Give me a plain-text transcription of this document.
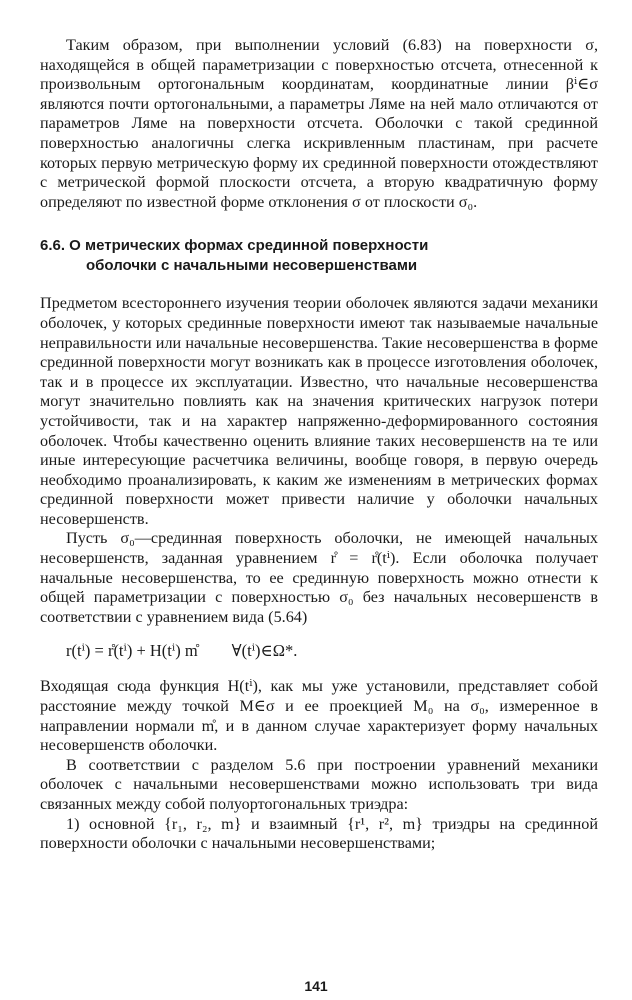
Таким образом, при выполнении условий (6.83) на поверхности σ, находящейся в общей параметризации с поверхностью отсчета, отнесенной к произвольным ортогональным координатам, координатные линии βⁱ∈σ являются почти ортогональными, а параметры Ляме на ней мало отличаются от параметров Ляме на поверхности отсчета. Оболочки с такой срединной поверхностью аналогичны слегка искривленным пластинам, при расчете которых первую метрическую форму их срединной поверхности отождествляют с метрической формой плоскости отсчета, а вторую квадратичную форму определяют по известной форме отклонения σ от плоскости σ₀.

6.6. О метрических формах срединной поверхности
оболочки с начальными несовершенствами

Предметом всестороннего изучения теории оболочек являются задачи механики оболочек, у которых срединные поверхности имеют так называемые начальные неправильности или начальные несовершенства. Такие несовершенства в форме срединной поверхности могут возникать как в процессе изготовления оболочек, так и в процессе их эксплуатации. Известно, что начальные несовершенства могут значительно повлиять как на значения критических нагрузок потери устойчивости, так и на характер напряженно-деформированного состояния оболочек. Чтобы качественно оценить влияние таких несовершенств на те или иные интересующие расчетчика величины, вообще говоря, в первую очередь необходимо проанализировать, к каким же изменениям в метрических формах срединной поверхности может привести наличие у оболочки начальных несовершенств.

Пусть σ₀—срединная поверхность оболочки, не имеющей начальных несовершенств, заданная уравнением r̊ = r̊(tⁱ). Если оболочка получает начальные несовершенства, то ее срединную поверхность можно отнести к общей параметризации с поверхностью σ₀ без начальных несовершенств в соответствии с уравнением вида (5.64)

r(tⁱ) = r̊(tⁱ) + H(tⁱ) m̊ ∀(tⁱ)∈Ω*.

Входящая сюда функция H(tⁱ), как мы уже установили, представляет собой расстояние между точкой M∈σ и ее проекцией M₀ на σ₀, измеренное в направлении нормали m̊, и в данном случае характеризует форму начальных несовершенств оболочки.

В соответствии с разделом 5.6 при построении уравнений механики оболочек с начальными несовершенствами можно использовать три вида связанных между собой полуортогональных триэдра:

1) основной {r₁, r₂, m} и взаимный {r¹, r², m} триэдры на срединной поверхности оболочки с начальными несовершенствами;

141
